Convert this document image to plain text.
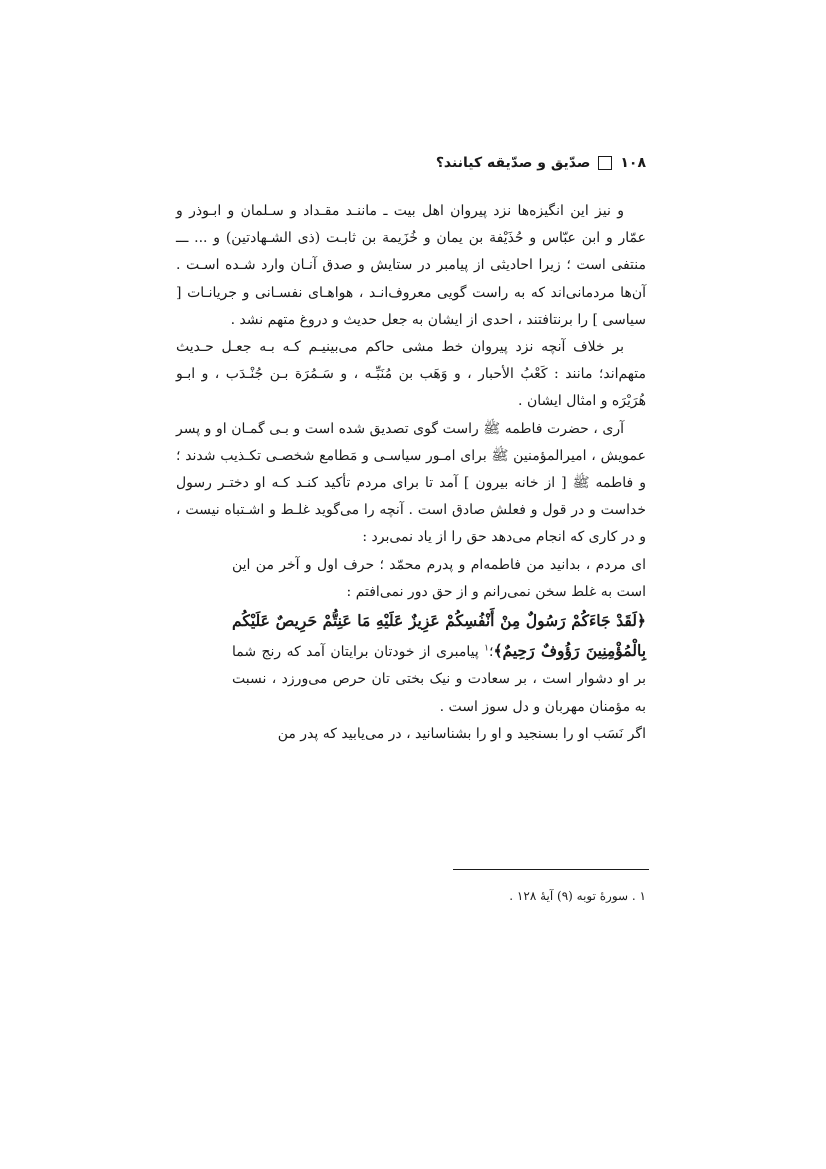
۱۰۸
صدّیق و صدّیقه کیانند؟

و نیز این انگیزه‌ها نزد پیروان اهل بیت ـ ماننـد مقـداد و سـلمان و ابـوذر و عمّار و ابن عبّاس و حُذَیْفة بن یمان و خُزَیمة بن ثابـت (ذی الشـهادتین) و ... ـــ منتفی است ؛ زیرا احادیثی از پیامبر در ستایش و صدق آنـان وارد شـده اسـت . آن‌ها مردمانی‌اند که به راست گویی معروف‌انـد ، هواهـای نفسـانی و جریانـات [ سیاسی ] را برنتافتند ، احدی از ایشان به جعل حدیث و دروغ متهم نشد .

بر خلاف آنچه نزد پیروان خط مشی حاکم می‌بینیـم کـه بـه جعـل حـدیث متهم‌اند؛ مانند : کَعْبُ الأحبار ، و وَهَب بن مُنَبِّـه ، و سَـمُرَة بـن جُنْـدَب ، و ابـو هُرَیْرَه و امثال ایشان .

آری ، حضرت فاطمه ﷺ راست گوی تصدیق شده است و بـی گمـان او و پسر عمویش ، امیرالمؤمنین ﷺ برای امـور سیاسـی و مَطامع شخصـی تکـذیب شدند ؛ و فاطمه ﷺ [ از خانه بیرون ] آمد تا برای مردم تأکید کنـد کـه او دختـر رسول خداست و در قول و فعلش صادق است . آنچه را می‌گوید غلـط و اشـتباه نیست ، و در کاری که انجام می‌دهد حق را از یاد نمی‌برد :

ای مردم ، بدانید من فاطمه‌ام و پدرم محمّد ؛ حرف اول و آخر من این است به غلط سخن نمی‌رانم و از حق دور نمی‌افتم :

﴿لَقَدْ جَاءَكُمْ رَسُولٌ مِنْ أَنْفُسِكُمْ عَزِيزٌ عَلَيْهِ مَا عَنِتُّمْ حَرِيصٌ عَلَيْكُم بِالْمُؤْمِنِينَ رَؤُوفٌ رَحِيمٌ﴾؛$^۱$ پیامبری از خودتان برایتان آمد که رنج شما بر او دشوار است ، بر سعادت و نیک بختی تان حرص می‌ورزد ، نسبت به مؤمنان مهربان و دل سوز است .

اگر نَسَب او را بسنجید و او را بشناسانید ، در می‌یابید که پدر من

۱ . سورهٔ توبه (۹) آیهٔ ۱۲۸ .
